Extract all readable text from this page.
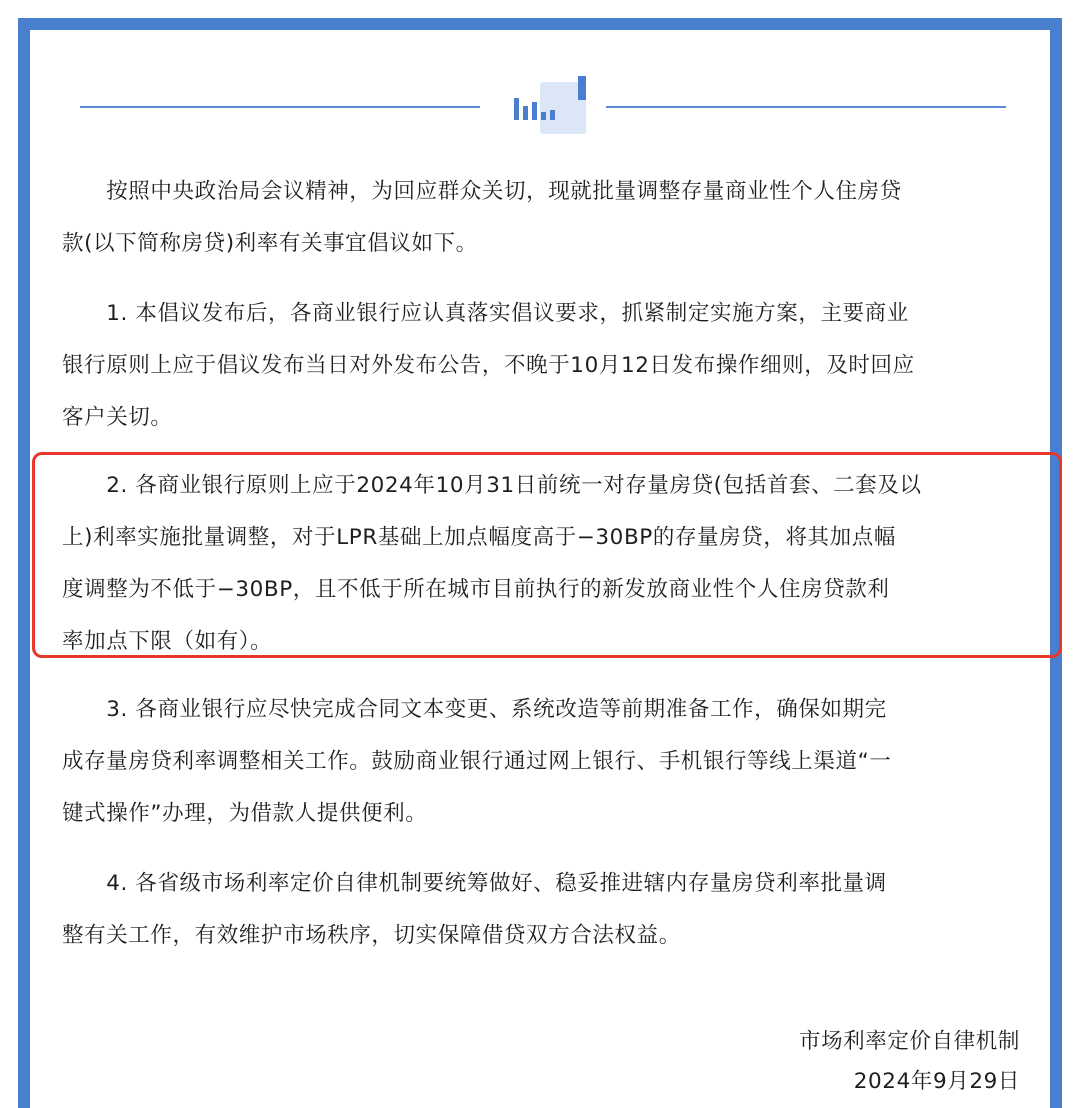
　　按照中央政治局会议精神，为回应群众关切，现就批量调整存量商业性个人住房贷
款(以下简称房贷)利率有关事宜倡议如下。
　　1. 本倡议发布后，各商业银行应认真落实倡议要求，抓紧制定实施方案，主要商业
银行原则上应于倡议发布当日对外发布公告，不晚于10月12日发布操作细则，及时回应
客户关切。
　　2. 各商业银行原则上应于2024年10月31日前统一对存量房贷(包括首套、二套及以
上)利率实施批量调整，对于LPR基础上加点幅度高于−30BP的存量房贷，将其加点幅
度调整为不低于−30BP，且不低于所在城市目前执行的新发放商业性个人住房贷款利
率加点下限（如有）。
　　3. 各商业银行应尽快完成合同文本变更、系统改造等前期准备工作，确保如期完
成存量房贷利率调整相关工作。鼓励商业银行通过网上银行、手机银行等线上渠道“一
键式操作”办理，为借款人提供便利。
　　4. 各省级市场利率定价自律机制要统筹做好、稳妥推进辖内存量房贷利率批量调
整有关工作，有效维护市场秩序，切实保障借贷双方合法权益。
市场利率定价自律机制
2024年9月29日
